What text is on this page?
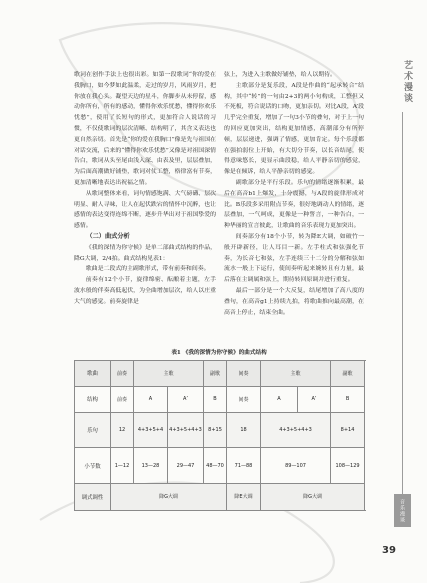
艺术漫谈

歌词在创作手法上也很出彩。如第一段歌词“你的爱在我胸口，如今梦如此温柔，走过的岁月，风雨岁月，把你放在我心头。凝望天边的星斗，你脚步从未停留，感动你所有，所有的感动，懂得你欢乐忧愁，懂得你欢乐忧愁”，使用了长短句的形式，更加符合人说话的习惯，不仅使歌词的层次清晰、结构明了，其含义表达也更自然亲切。首先是“你的爱在我胸口”像是先与祖国在对话交流，后来的“懂得你欢乐忧愁”又像是对祖国深情告白，歌词从头至尾由浅入深、由表及里，层层叠加，为后面高潮做好铺垫，歌词对仗工整，格律富有节奏，更加清晰地表达出祝福之情。

从歌词整体来看，词句情感饱满、大气磅礴、层次明显、耐人寻味，让人在起伏跌宕的情怀中沉醉，也让感情的表达变得连绵不断，逐步升华出对于祖国挚爱的感情。

（二）曲式分析

《我的深情为你守候》是单二部曲式结构的作品，降G大调，2/4拍。曲式结构见表1：

歌曲是二段式的主副歌形式，带有前奏和间奏。

前奏有12个小节，旋律绵密、酝酿着主题，左手波水般的伴奏高低起伏，为全曲增加层次，给人以庄重大气的感觉。前奏旋律是

弦上，为进入主歌做好铺垫，给人以期待。

主歌部分是复乐段，A段是作曲的“起承转合”结构，其中“转”的一句由2+3的两小句构成，工整但又不死板，符合说话的口吻，更加亲切。对比A段，A’段几乎完全重复，增加了一句3小节的叠句，对于上一句的回应更加突出，结构更加情感，高潮部分有所停顿，层层递进，强调了情感，更加肯定。每个乐段都在强拍弱位上开始，有大切分节奏，以长音结尾，使得意味悠长，更显示曲段稳，给人平静亲切的感觉，像是在倾诉，给人平静亲切的感觉。

副歌部分是平行乐段。乐句的情绪逐渐积累，最后在高音b1上爆发，十分震撼，与A段的旋律形成对比。B乐段多采用附点节奏，很好地调动人的情绪，逐层叠加，一气呵成，更像是一种誓言，一种告白，一种华丽的宣言彼此，让歌曲的音乐表现力更加突出。

间奏部分有18个小节，转为降E大调，如破竹一般开辟新径，让人耳目一新。左手柱式和弦强化节奏，为长音七和弦，左手连续三十二分的分解和弦如流水一般上下运行，使间奏听起来婉转且有力量，最后落在主调属和弦上，期待转回原调并进行重复。

最后一部分是一个大反复，结尾增加了高八度的叠句，在高音g1上持续九拍，将歌曲推向最高潮，在高音上停止，结束全曲。

表1 《我的深情为你守候》的曲式结构
歌曲	前奏	主歌		副歌	间奏	主歌		副歌	
结构	前奏	A	A’	B	间奏	A	A’	B	
乐句	12	4+3+5+4	4+3+5+4+3	8+15	18	4+3+5+4+3		8+14	
小节数	1—12	13—28	29—47	48—70	71—88	89—107		108—129	
调式调性	降G大调				降E大调	降G大调			
音乐漫谈
39
